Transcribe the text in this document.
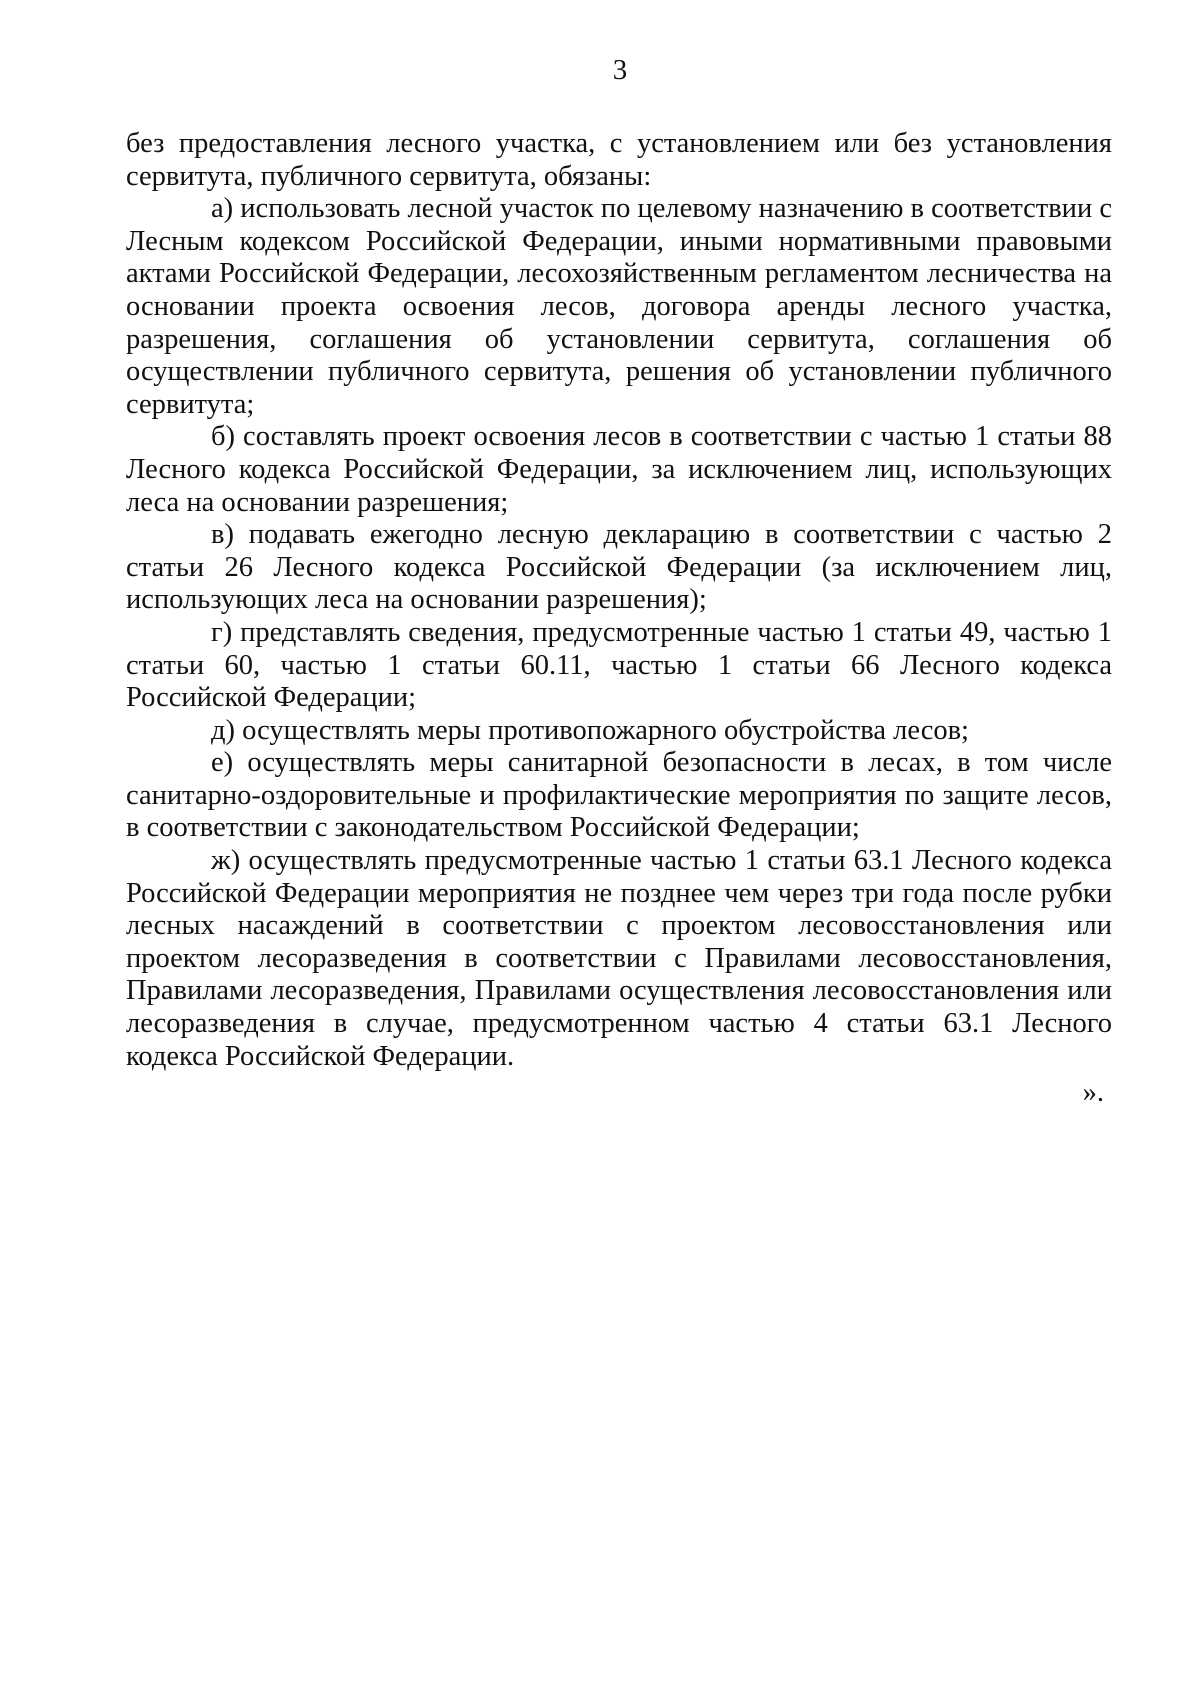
3

без предоставления лесного участка, с установлением или без установления сервитута, публичного сервитута, обязаны:

а) использовать лесной участок по целевому назначению в соответствии с Лесным кодексом Российской Федерации, иными нормативными правовыми актами Российской Федерации, лесохозяйственным регламентом лесничества на основании проекта освоения лесов, договора аренды лесного участка, разрешения, соглашения об установлении сервитута, соглашения об осуществлении публичного сервитута, решения об установлении публичного сервитута;

б) составлять проект освоения лесов в соответствии с частью 1 статьи 88 Лесного кодекса Российской Федерации, за исключением лиц, использующих леса на основании разрешения;

в) подавать ежегодно лесную декларацию в соответствии с частью 2 статьи 26 Лесного кодекса Российской Федерации (за исключением лиц, использующих леса на основании разрешения);

г) представлять сведения, предусмотренные частью 1 статьи 49, частью 1 статьи 60, частью 1 статьи 60.11, частью 1 статьи 66 Лесного кодекса Российской Федерации;

д) осуществлять меры противопожарного обустройства лесов;

е) осуществлять меры санитарной безопасности в лесах, в том числе санитарно-оздоровительные и профилактические мероприятия по защите лесов, в соответствии с законодательством Российской Федерации;

ж) осуществлять предусмотренные частью 1 статьи 63.1 Лесного кодекса Российской Федерации мероприятия не позднее чем через три года после рубки лесных насаждений в соответствии с проектом лесовосстановления или проектом лесоразведения в соответствии с Правилами лесовосстановления, Правилами лесоразведения, Правилами осуществления лесовосстановления или лесоразведения в случае, предусмотренном частью 4 статьи 63.1 Лесного кодекса Российской Федерации.

».
